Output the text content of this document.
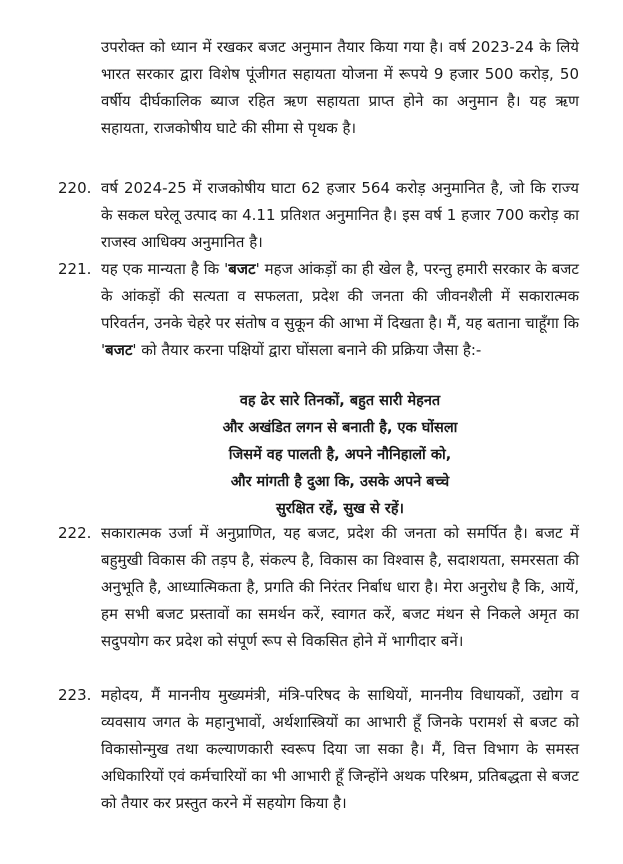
उपरोक्त को ध्यान में रखकर बजट अनुमान तैयार किया गया है। वर्ष 2023-24 के लिये भारत सरकार द्वारा विशेष पूंजीगत सहायता योजना में रूपये 9 हजार 500 करोड़, 50 वर्षीय दीर्घकालिक ब्याज रहित ऋण सहायता प्राप्त होने का अनुमान है। यह ऋण सहायता, राजकोषीय घाटे की सीमा से पृथक है।

220. वर्ष 2024-25 में राजकोषीय घाटा 62 हजार 564 करोड़ अनुमानित है, जो कि राज्य के सकल घरेलू उत्पाद का 4.11 प्रतिशत अनुमानित है। इस वर्ष 1 हजार 700 करोड़ का राजस्व आधिक्य अनुमानित है।

221. यह एक मान्यता है कि 'बजट' महज आंकड़ों का ही खेल है, परन्तु हमारी सरकार के बजट के आंकड़ों की सत्यता व सफलता, प्रदेश की जनता की जीवनशैली में सकारात्मक परिवर्तन, उनके चेहरे पर संतोष व सुकून की आभा में दिखता है। मैं, यह बताना चाहूँगा कि 'बजट' को तैयार करना पक्षियों द्वारा घोंसला बनाने की प्रक्रिया जैसा है:-

वह ढेर सारे तिनकों, बहुत सारी मेहनत
और अखंडित लगन से बनाती है, एक घोंसला
जिसमें वह पालती है, अपने नौनिहालों को,
और मांगती है दुआ कि, उसके अपने बच्चे
सुरक्षित रहें, सुख से रहें।
222. सकारात्मक उर्जा में अनुप्राणित, यह बजट, प्रदेश की जनता को समर्पित है। बजट में बहुमुखी विकास की तड़प है, संकल्प है, विकास का विश्वास है, सदाशयता, समरसता की अनुभूति है, आध्यात्मिकता है, प्रगति की निरंतर निर्बाध धारा है। मेरा अनुरोध है कि, आयें, हम सभी बजट प्रस्तावों का समर्थन करें, स्वागत करें, बजट मंथन से निकले अमृत का सदुपयोग कर प्रदेश को संपूर्ण रूप से विकसित होने में भागीदार बनें।

223. महोदय, मैं माननीय मुख्यमंत्री, मंत्रि-परिषद के साथियों, माननीय विधायकों, उद्योग व व्यवसाय जगत के महानुभावों, अर्थशास्त्रियों का आभारी हूँ जिनके परामर्श से बजट को विकासोन्मुख तथा कल्याणकारी स्वरूप दिया जा सका है। मैं, वित्त विभाग के समस्त अधिकारियों एवं कर्मचारियों का भी आभारी हूँ जिन्होंने अथक परिश्रम, प्रतिबद्धता से बजट को तैयार कर प्रस्तुत करने में सहयोग किया है।
